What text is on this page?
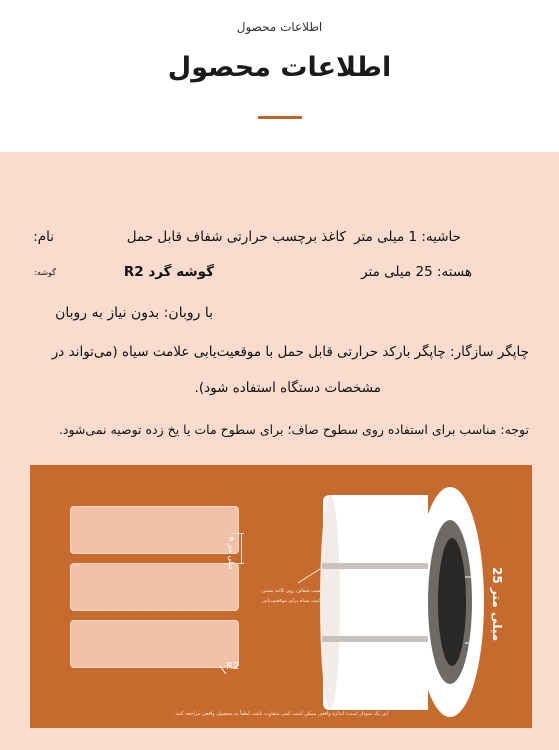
اطلاعات محصول
اطلاعات محصول
حاشیه: 1 میلی متر
کاغذ برچسب حرارتی شفاف قابل حمل
نام:
هسته: 25 میلی متر
گوشه گرد R2
گوشه:
با روبان: بدون نیاز به روبان
چاپگر سازگار: چاپگر بارکد حرارتی قابل حمل با موقعیت‌یابی علامت سیاه (می‌تواند در
مشخصات دستگاه استفاده شود).
توجه: مناسب برای استفاده روی سطوح صاف؛ برای سطوح مات یا یخ زده توصیه نمی‌شود.
6 میلی متر
R2
برچسب شفاف روی کاغذ پشتی
علامت سیاه برای موقعیت‌یابی
25 میلی متر
این یک نمودار است؛ اندازه واقعی ممکن است کمی متفاوت باشد، لطفاً به محصول واقعی مراجعه کنید.
